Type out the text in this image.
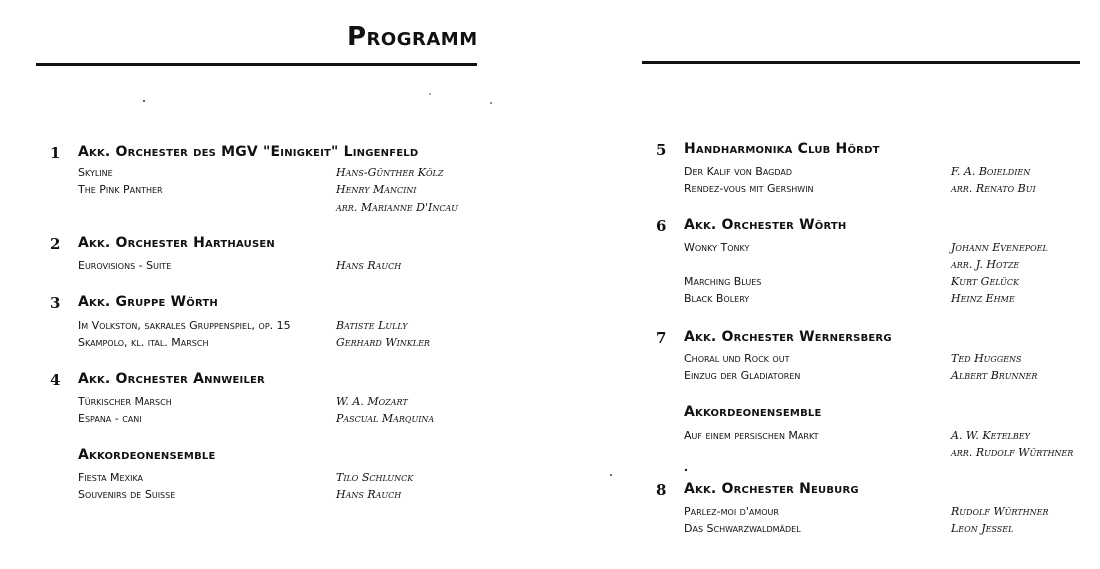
Programm
1 Akk. Orchester des MGV "Einigkeit" Lingenfeld
Skyline	Hans-Günther Kölz
The Pink Panther	Henry Mancini
arr. Marianne D'Incau
2 Akk. Orchester Harthausen
Eurovisions - Suite	Hans Rauch
3 Akk. Gruppe Wörth
Im Volkston, sakrales Gruppenspiel, op. 15	Batiste Lully
Skampolo, kl. ital. Marsch	Gerhard Winkler
4 Akk. Orchester Annweiler
Türkischer Marsch	W. A. Mozart
Espana - cani	Pascual Marquina
Akkordeonensemble
Fiesta Mexika	Tilo Schlunck
Souvenirs de Suisse	Hans Rauch
5 Handharmonika Club Hördt
Der Kalif von Bagdad	F. A. Boieldien
Rendez-vous mit Gershwin	arr. Renato Bui
6 Akk. Orchester Wörth
Wonky Tonky	Johann Evenepoel
arr. J. Hotze
Marching Blues	Kurt Gelück
Black Bolery	Heinz Ehme
7 Akk. Orchester Wernersberg
Choral und Rock out	Ted Huggens
Einzug der Gladiatoren	Albert Brunner
Akkordeonensemble
Auf einem persischen Markt	A. W. Ketelbey
arr. Rudolf Würthner
8 Akk. Orchester Neuburg
Parlez-moi d'amour	Rudolf Würthner
Das Schwarzwaldmädel	Leon Jessel
